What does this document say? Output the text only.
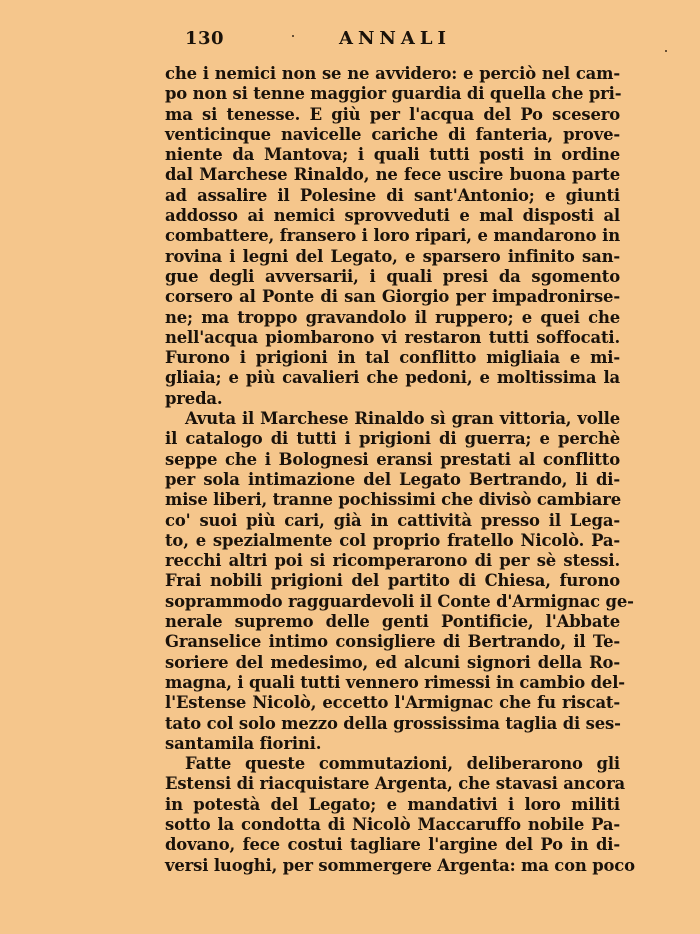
130	ANNALI
che i nemici non se ne avvidero: e perciò nel cam-
po non si tenne maggior guardia di quella che pri-
ma si tenesse. E giù per l'acqua del Po scesero
venticinque navicelle cariche di fanteria, prove-
niente da Mantova; i quali tutti posti in ordine
dal Marchese Rinaldo, ne fece uscire buona parte
ad assalire il Polesine di sant'Antonio; e giunti
addosso ai nemici sprovveduti e mal disposti al
combattere, fransero i loro ripari, e mandarono in
rovina i legni del Legato, e sparsero infinito san-
gue degli avversarii, i quali presi da sgomento
corsero al Ponte di san Giorgio per impadronirse-
ne; ma troppo gravandolo il ruppero; e quei che
nell'acqua piombarono vi restaron tutti soffocati.
Furono i prigioni in tal conflitto migliaia e mi-
gliaia; e più cavalieri che pedoni, e moltissima la
preda.
Avuta il Marchese Rinaldo sì gran vittoria, volle
il catalogo di tutti i prigioni di guerra; e perchè
seppe che i Bolognesi eransi prestati al conflitto
per sola intimazione del Legato Bertrando, li di-
mise liberi, tranne pochissimi che divisò cambiare
co' suoi più cari, già in cattività presso il Lega-
to, e spezialmente col proprio fratello Nicolò. Pa-
recchi altri poi si ricomperarono di per sè stessi.
Frai nobili prigioni del partito di Chiesa, furono
soprammodo ragguardevoli il Conte d'Armignac ge-
nerale supremo delle genti Pontificie, l'Abbate
Granselice intimo consigliere di Bertrando, il Te-
soriere del medesimo, ed alcuni signori della Ro-
magna, i quali tutti vennero rimessi in cambio del-
l'Estense Nicolò, eccetto l'Armignac che fu riscat-
tato col solo mezzo della grossissima taglia di ses-
santamila fiorini.
Fatte queste commutazioni, deliberarono gli
Estensi di riacquistare Argenta, che stavasi ancora
in potestà del Legato; e mandativi i loro militi
sotto la condotta di Nicolò Maccaruffo nobile Pa-
dovano, fece costui tagliare l'argine del Po in di-
versi luoghi, per sommergere Argenta: ma con poco
